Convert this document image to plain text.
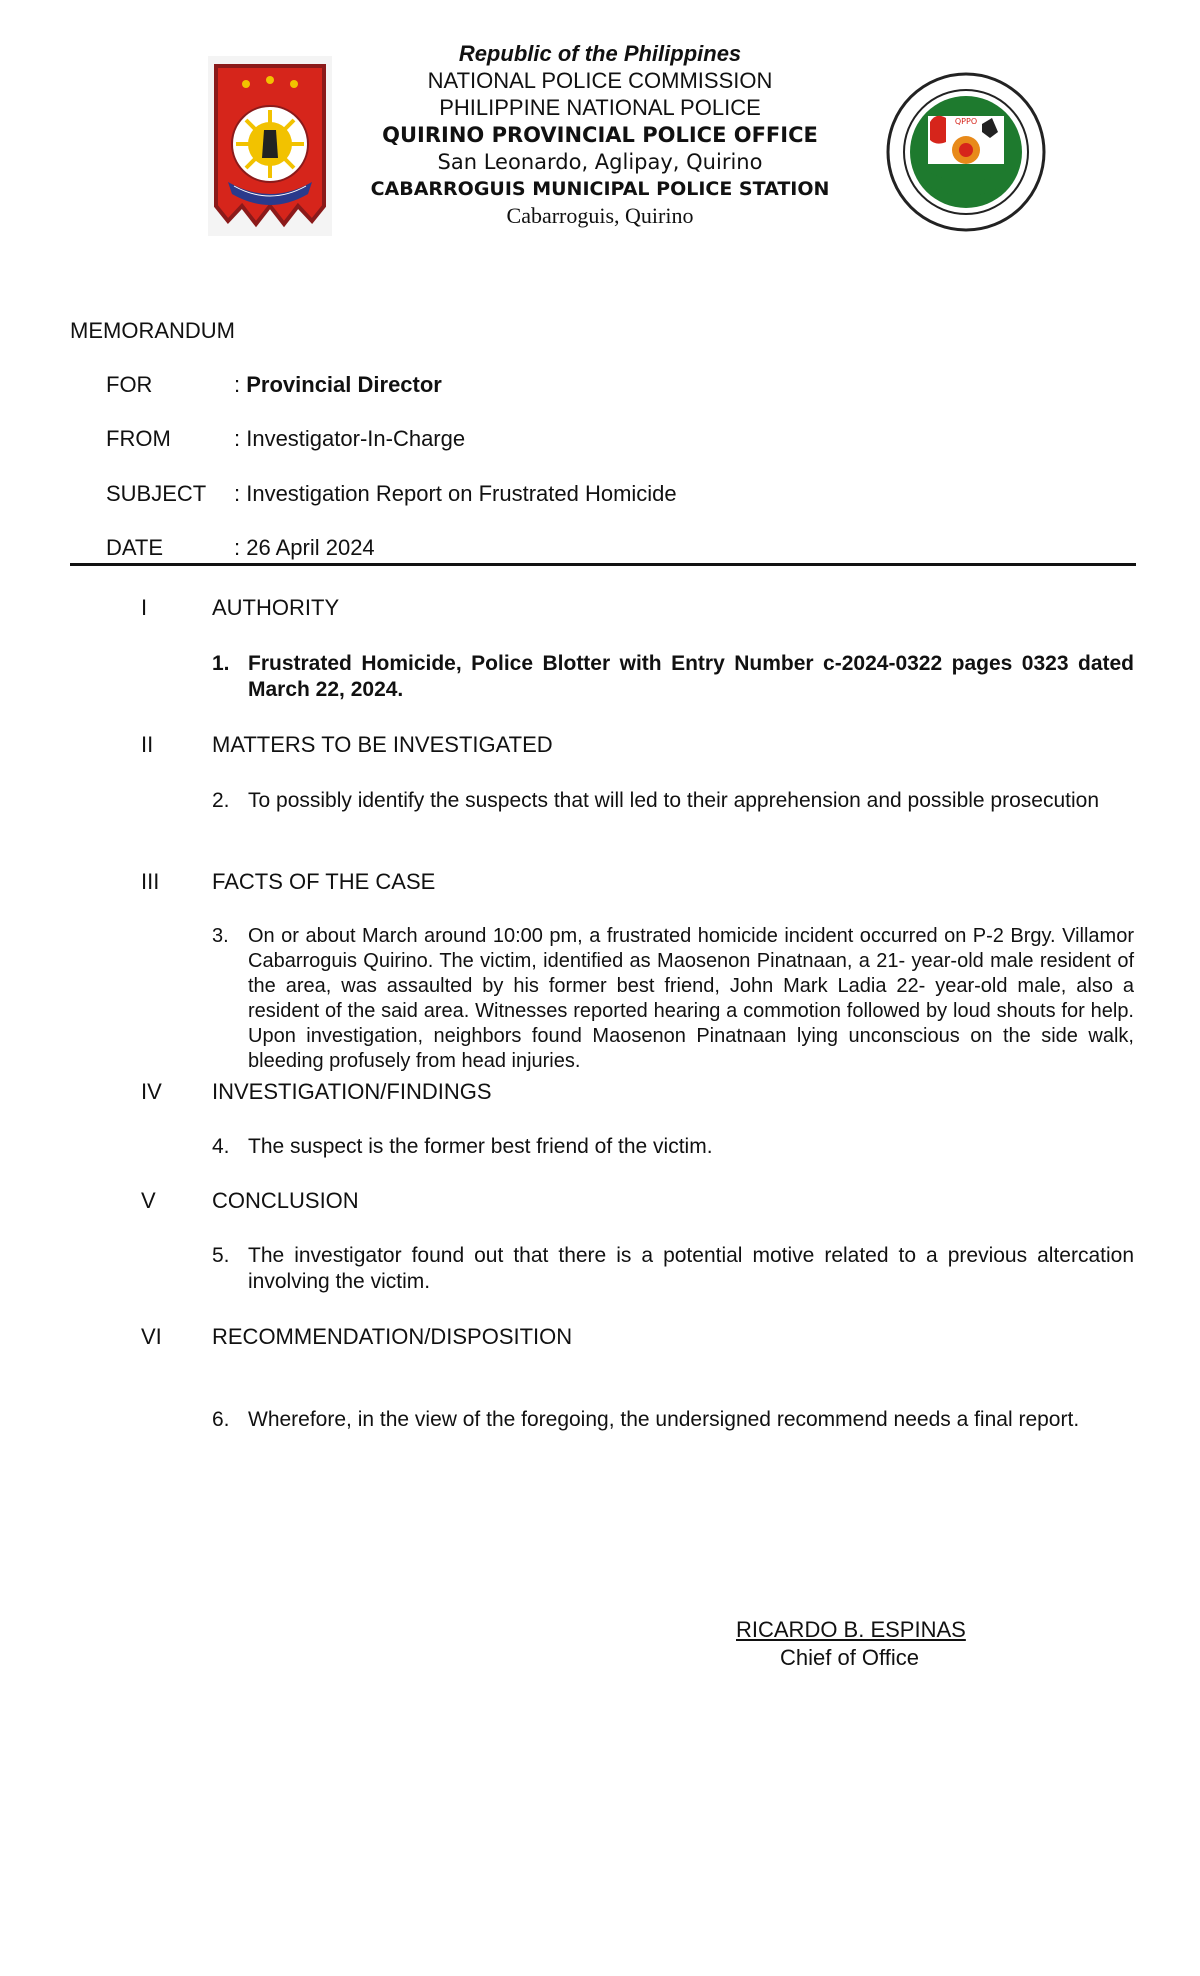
QPPO
Republic of the Philippines
NATIONAL POLICE COMMISSION
PHILIPPINE NATIONAL POLICE
QUIRINO PROVINCIAL POLICE OFFICE
San Leonardo, Aglipay, Quirino
CABARROGUIS MUNICIPAL POLICE STATION
Cabarroguis, Quirino
MEMORANDUM
FOR	: Provincial Director
FROM	: Investigator-In-Charge
SUBJECT : Investigation Report on Frustrated Homicide
DATE	: 26 April 2024
I	AUTHORITY
1. Frustrated Homicide, Police Blotter with Entry Number c-2024-0322 pages 0323 dated March 22, 2024.
II	MATTERS TO BE INVESTIGATED
2. To possibly identify the suspects that will led to their apprehension and possible prosecution
III FACTS OF THE CASE
3. On or about March around 10:00 pm, a frustrated homicide incident occurred on P-2 Brgy. Villamor Cabarroguis Quirino. The victim, identified as Maosenon Pinatnaan, a 21- year-old male resident of the area, was assaulted by his former best friend, John Mark Ladia 22- year-old male, also a resident of the said area. Witnesses reported hearing a commotion followed by loud shouts for help. Upon investigation, neighbors found Maosenon Pinatnaan lying unconscious on the side walk, bleeding profusely from head injuries.
IV INVESTIGATION/FINDINGS
4. The suspect is the former best friend of the victim.
V	CONCLUSION
5. The investigator found out that there is a potential motive related to a previous altercation involving the victim.
VI RECOMMENDATION/DISPOSITION
6. Wherefore, in the view of the foregoing, the undersigned recommend needs a final report.
RICARDO B. ESPINAS
Chief of Office
